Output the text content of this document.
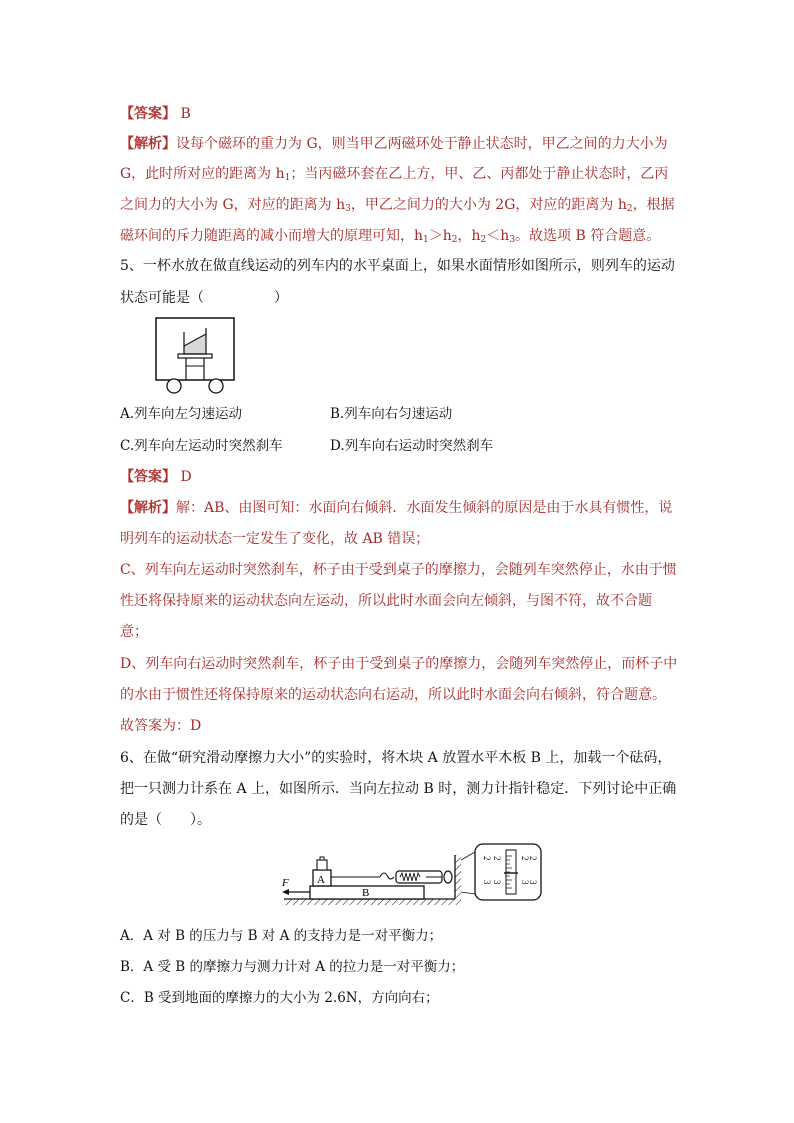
【答案】 B
【解析】设每个磁环的重力为 G，则当甲乙两磁环处于静止状态时，甲乙之间的力大小为
G，此时所对应的距离为 $h_1$；当丙磁环套在乙上方，甲、乙、丙都处于静止状态时，乙丙
之间力的大小为 G，对应的距离为 $h_3$，甲乙之间力的大小为 2G，对应的距离为 $h_2$，根据
磁环间的斥力随距离的减小而增大的原理可知，$h_1>h_2$，$h_2<h_3$。故选项 B 符合题意。
5、一杯水放在做直线运动的列车内的水平桌面上，如果水面情形如图所示，则列车的运动
状态可能是（　　　　　）
A.列车向左匀速运动	B.列车向右匀速运动
C.列车向左运动时突然刹车	D.列车向右运动时突然刹车
【答案】 D
【解析】解：AB、由图可知：水面向右倾斜．水面发生倾斜的原因是由于水具有惯性，说
明列车的运动状态一定发生了变化，故 AB 错误；
C、列车向左运动时突然刹车，杯子由于受到桌子的摩擦力，会随列车突然停止，水由于惯
性还将保持原来的运动状态向左运动，所以此时水面会向左倾斜，与图不符，故不合题
意；
D、列车向右运动时突然刹车，杯子由于受到桌子的摩擦力，会随列车突然停止，而杯子中
的水由于惯性还将保持原来的运动状态向右运动，所以此时水面会向右倾斜，符合题意。
故答案为：D
6、在做“研究滑动摩擦力大小”的实验时，将木块 A 放置水平木板 B 上，加载一个砝码，
把一只测力计系在 A 上，如图所示．当向左拉动 B 时，测力计指针稳定．下列讨论中正确
的是（　　）。
B
F	A
2 2
3 3
2
2
3
3
A．A 对 B 的压力与 B 对 A 的支持力是一对平衡力；
B．A 受 B 的摩擦力与测力计对 A 的拉力是一对平衡力；
C．B 受到地面的摩擦力的大小为 2.6N，方向向右；
